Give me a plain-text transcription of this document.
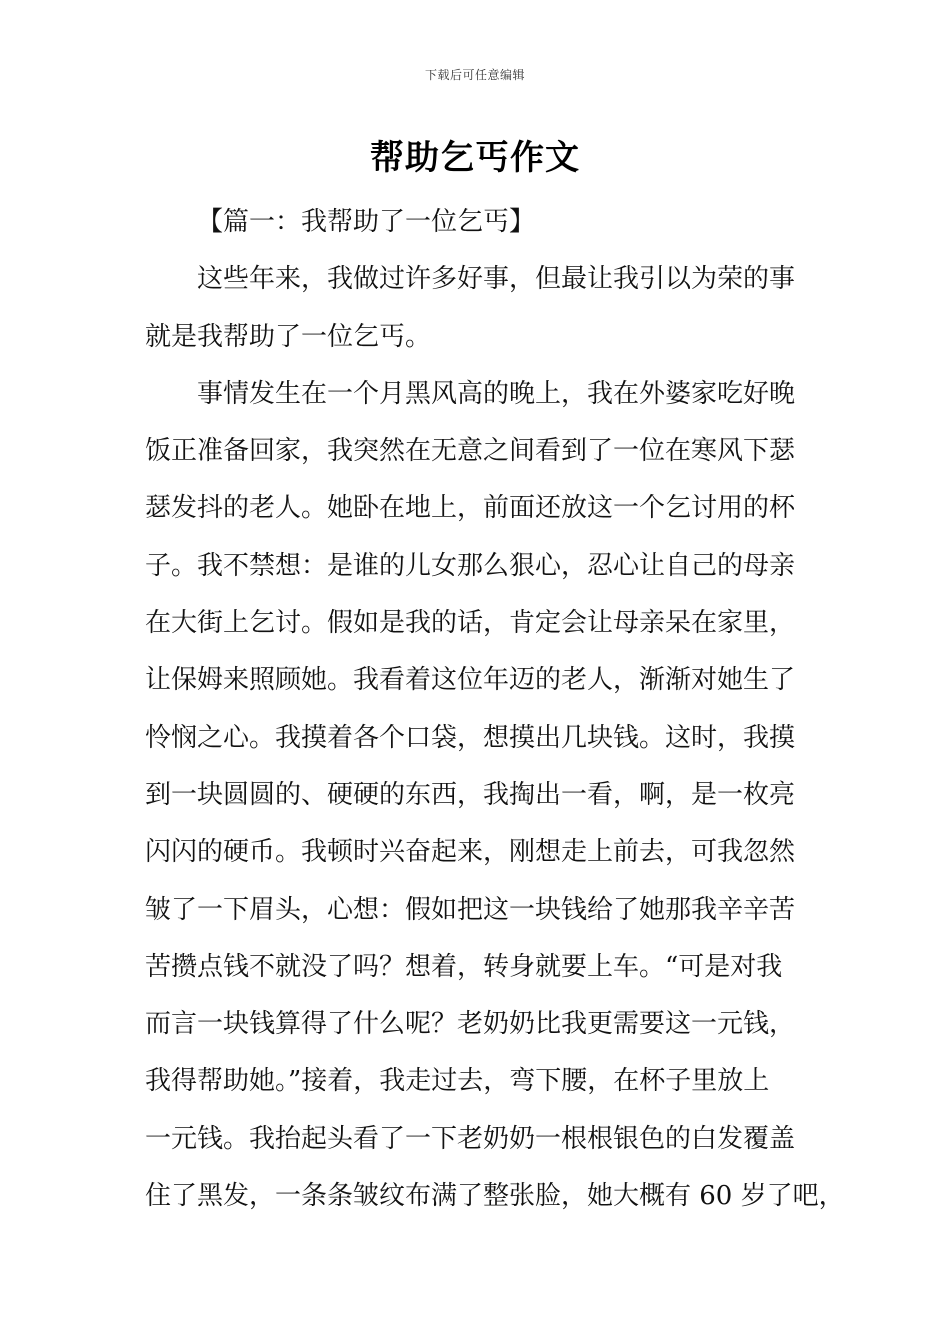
下载后可任意编辑
帮助乞丐作文
【篇一：我帮助了一位乞丐】
这些年来，我做过许多好事，但最让我引以为荣的事
就是我帮助了一位乞丐。
事情发生在一个月黑风高的晚上，我在外婆家吃好晚
饭正准备回家，我突然在无意之间看到了一位在寒风下瑟
瑟发抖的老人。她卧在地上，前面还放这一个乞讨用的杯
子。我不禁想：是谁的儿女那么狠心，忍心让自己的母亲
在大街上乞讨。假如是我的话，肯定会让母亲呆在家里，
让保姆来照顾她。我看着这位年迈的老人，渐渐对她生了
怜悯之心。我摸着各个口袋，想摸出几块钱。这时，我摸
到一块圆圆的、硬硬的东西，我掏出一看，啊，是一枚亮
闪闪的硬币。我顿时兴奋起来，刚想走上前去，可我忽然
皱了一下眉头，心想：假如把这一块钱给了她那我辛辛苦
苦攒点钱不就没了吗？想着，转身就要上车。“可是对我
而言一块钱算得了什么呢？老奶奶比我更需要这一元钱，
我得帮助她。”接着，我走过去，弯下腰，在杯子里放上
一元钱。我抬起头看了一下老奶奶一根根银色的白发覆盖
住了黑发，一条条皱纹布满了整张脸，她大概有 60 岁了吧，
